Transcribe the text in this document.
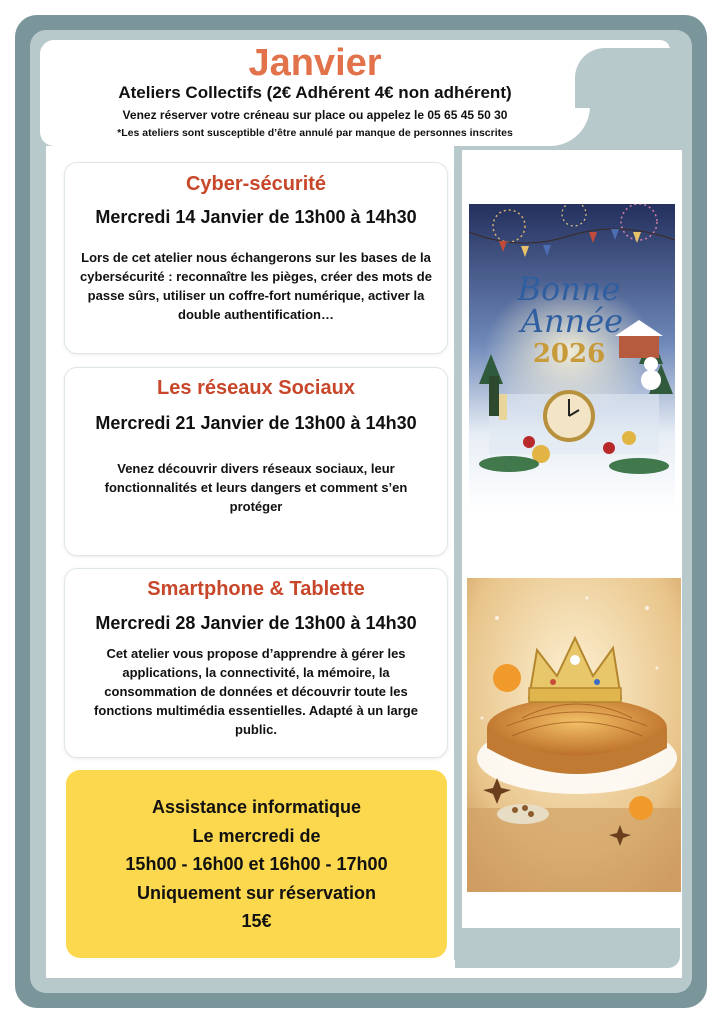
Janvier
Ateliers Collectifs (2€ Adhérent 4€ non adhérent)
Venez réserver votre créneau sur place ou appelez le 05 65 45 50 30
*Les ateliers sont susceptible d’être annulé par manque de personnes inscrites

Cyber-sécurité

Mercredi 14 Janvier de 13h00 à 14h30

Lors de cet atelier nous échangerons sur les bases de la cybersécurité : reconnaître les pièges, créer des mots de passe sûrs, utiliser un coffre-fort numérique, activer la double authentification…

Les réseaux Sociaux

Mercredi 21 Janvier de 13h00 à 14h30

Venez découvrir divers réseaux sociaux, leur fonctionnalités et leurs dangers et comment s’en protéger

Smartphone & Tablette

Mercredi 28 Janvier de 13h00 à 14h30

Cet atelier vous propose d’apprendre à gérer les applications, la connectivité, la mémoire, la consommation de données et découvrir toute les fonctions multimédia essentielles. Adapté à un large public.

Assistance informatique
Le mercredi de
15h00 - 16h00 et 16h00 - 17h00
Uniquement sur réservation
15€
Bonne
Année
2026
